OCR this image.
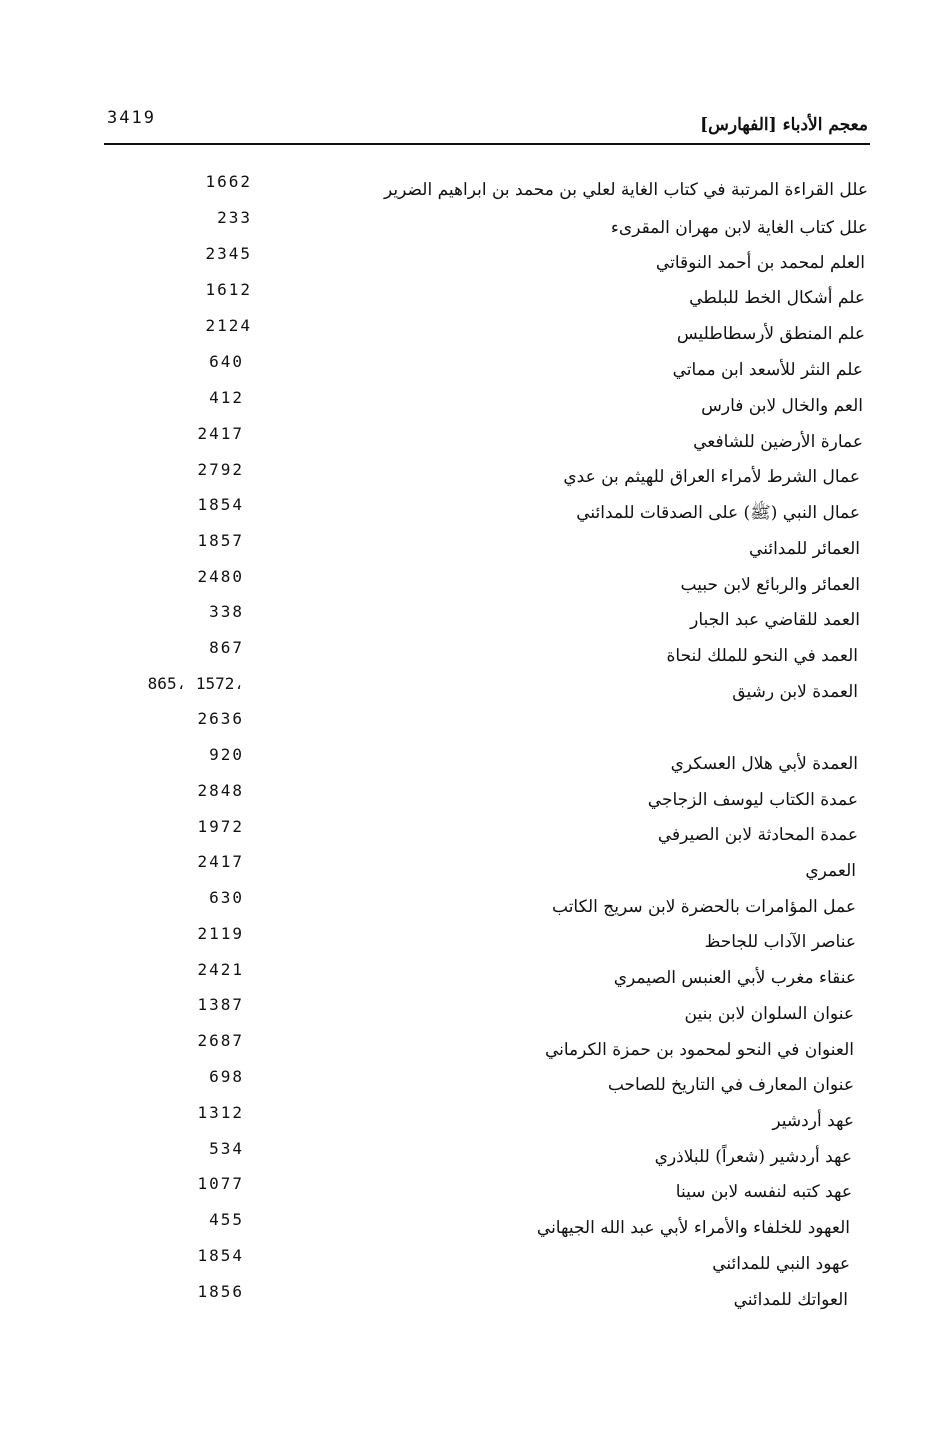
3419	معجم الأدباء [الفهارس]
علل القراءة المرتبة في كتاب الغاية لعلي بن محمد بن ابراهيم الضرير
1662
علل كتاب الغاية لابن مهران المقرىء
233
العلم لمحمد بن أحمد النوقاتي
2345
علم أشكال الخط للبلطي
1612
علم المنطق لأرسطاطليس
2124
علم النثر للأسعد ابن مماتي
640
العم والخال لابن فارس
412
عمارة الأرضين للشافعي
2417
عمال الشرط لأمراء العراق للهيثم بن عدي
2792
عمال النبي (ﷺ) على الصدقات للمدائني
1854
العمائر للمدائني
1857
العمائر والربائع لابن حبيب
2480
العمد للقاضي عبد الجبار
338
العمد في النحو للملك لنحاة
867
العمدة لابن رشيق
865، 1572،
2636
العمدة لأبي هلال العسكري
920
عمدة الكتاب ليوسف الزجاجي
2848
عمدة المحادثة لابن الصيرفي
1972
العمري
2417
عمل المؤامرات بالحضرة لابن سريج الكاتب
630
عناصر الآداب للجاحظ
2119
عنقاء مغرب لأبي العنبس الصيمري
2421
عنوان السلوان لابن بنين
1387
العنوان في النحو لمحمود بن حمزة الكرماني
2687
عنوان المعارف في التاريخ للصاحب
698
عهد أردشير
1312
عهد أردشير (شعراً) للبلاذري
534
عهد كتبه لنفسه لابن سينا
1077
العهود للخلفاء والأمراء لأبي عبد الله الجيهاني
455
عهود النبي للمدائني
1854
العواتك للمدائني
1856
